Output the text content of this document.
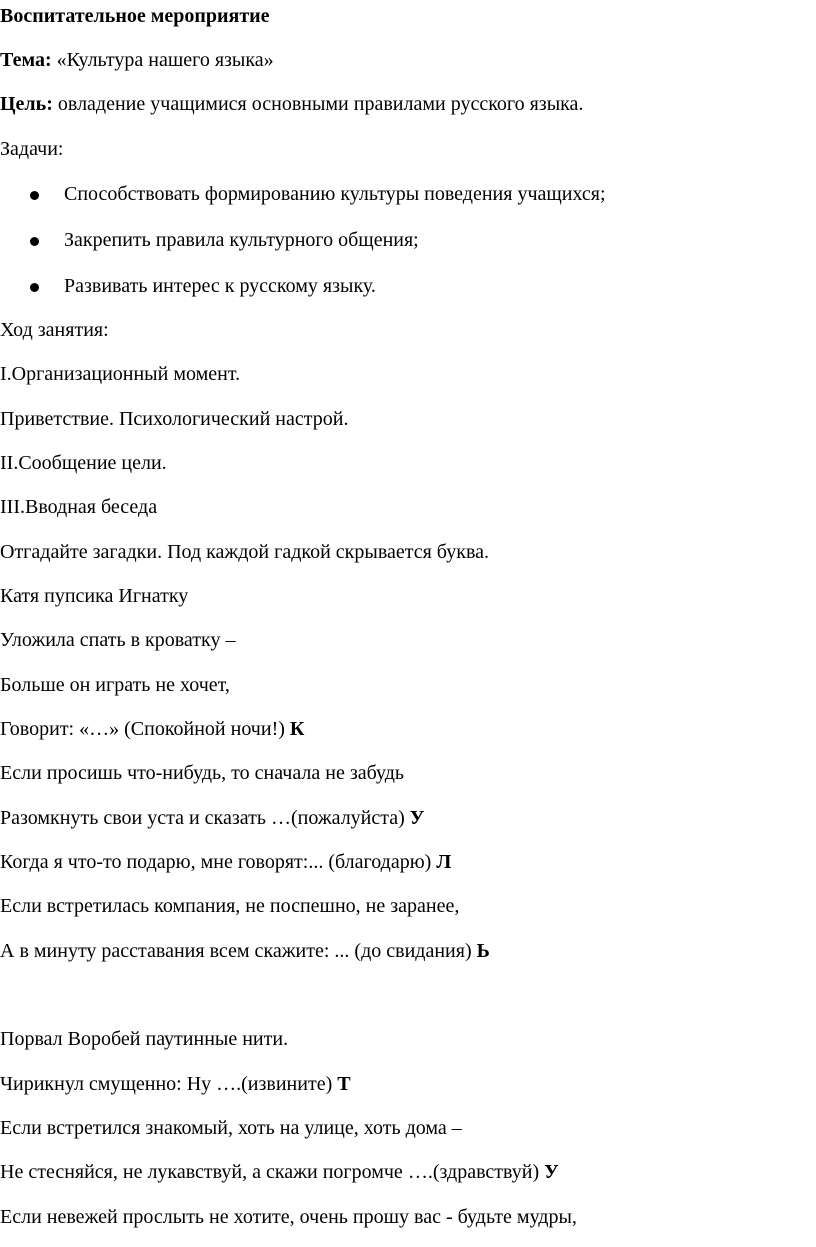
Воспитательное мероприятие
Тема: «Культура нашего языка»
Цель: овладение учащимися основными правилами русского языка.
Задачи:
Способствовать формированию культуры поведения учащихся;
Закрепить правила культурного общения;
Развивать интерес к русскому языку.
Ход занятия:
I.Организационный момент.
Приветствие. Психологический настрой.
II.Сообщение цели.
III.Вводная беседа
Отгадайте загадки. Под каждой гадкой скрывается буква.
Катя пупсика Игнатку
Уложила спать в кроватку –
Больше он играть не хочет,
Говорит: «…» (Спокойной ночи!) К
Если просишь что-нибудь, то сначала не забудь
Разомкнуть свои уста и сказать …(пожалуйста) У
Когда я что-то подарю, мне говорят:... (благодарю) Л
Если встретилась компания, не поспешно, не заранее,
А в минуту расставания всем скажите: ... (до свидания) Ь
Порвал Воробей паутинные нити.
Чирикнул смущенно: Ну ….(извините) Т
Если встретился знакомый, хоть на улице, хоть дома –
Не стесняйся, не лукавствуй, а скажи погромче ….(здравствуй) У
Если невежей прослыть не хотите, очень прошу вас - будьте мудры,
